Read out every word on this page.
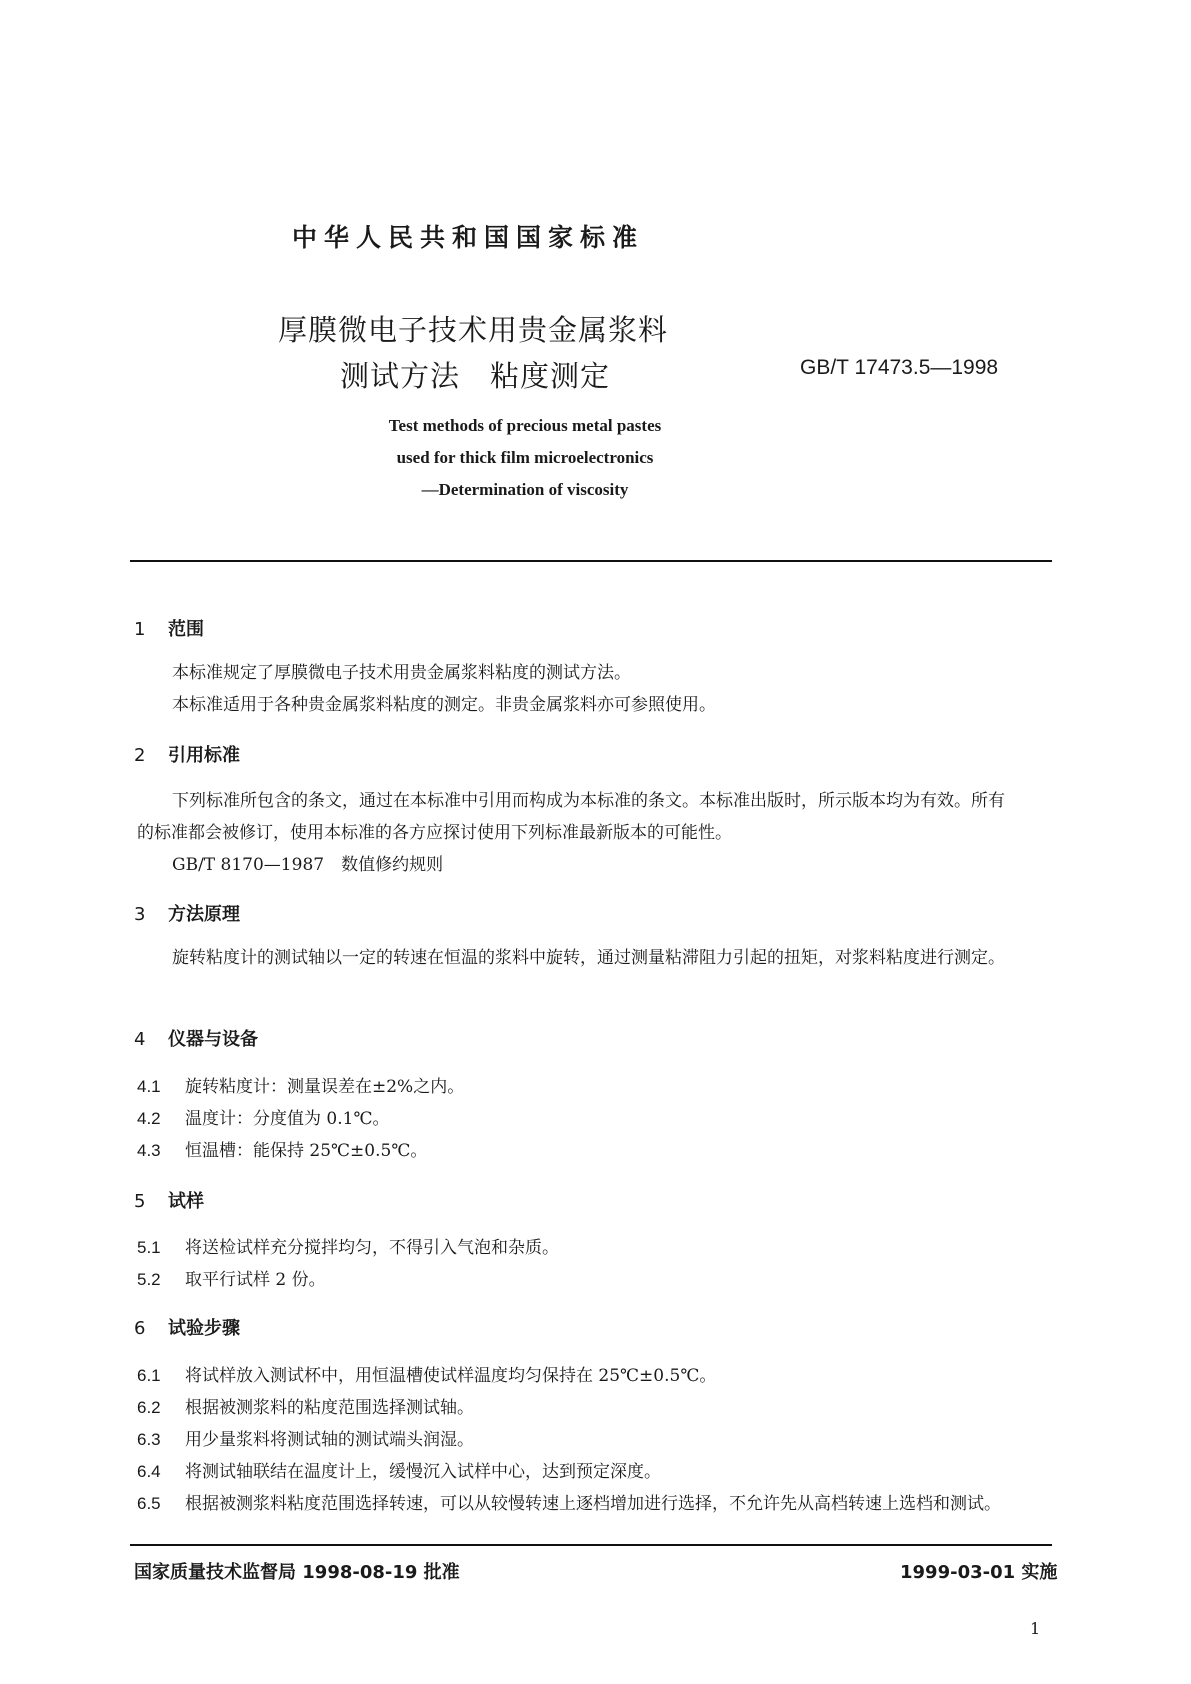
中华人民共和国国家标准
厚膜微电子技术用贵金属浆料
测试方法　粘度测定	GB/T 17473.5—1998
Test methods of precious metal pastes
used for thick film microelectronics
—Determination of viscosity
1 范围
本标准规定了厚膜微电子技术用贵金属浆料粘度的测试方法。
本标准适用于各种贵金属浆料粘度的测定。非贵金属浆料亦可参照使用。
2 引用标准
下列标准所包含的条文，通过在本标准中引用而构成为本标准的条文。本标准出版时，所示版本均为有效。所有的标准都会被修订，使用本标准的各方应探讨使用下列标准最新版本的可能性。
GB/T 8170—1987　数值修约规则
3 方法原理
旋转粘度计的测试轴以一定的转速在恒温的浆料中旋转，通过测量粘滞阻力引起的扭矩，对浆料粘度进行测定。
4 仪器与设备
4.1 旋转粘度计：测量误差在±2%之内。
4.2 温度计：分度值为 0.1℃。
4.3 恒温槽：能保持 25℃±0.5℃。
5 试样
5.1 将送检试样充分搅拌均匀，不得引入气泡和杂质。
5.2 取平行试样 2 份。
6 试验步骤
6.1 将试样放入测试杯中，用恒温槽使试样温度均匀保持在 25℃±0.5℃。
6.2 根据被测浆料的粘度范围选择测试轴。
6.3 用少量浆料将测试轴的测试端头润湿。
6.4 将测试轴联结在温度计上，缓慢沉入试样中心，达到预定深度。
6.5 根据被测浆料粘度范围选择转速，可以从较慢转速上逐档增加进行选择，不允许先从高档转速上选档和测试。
国家质量技术监督局 1998-08-19 批准	1999-03-01 实施
1
